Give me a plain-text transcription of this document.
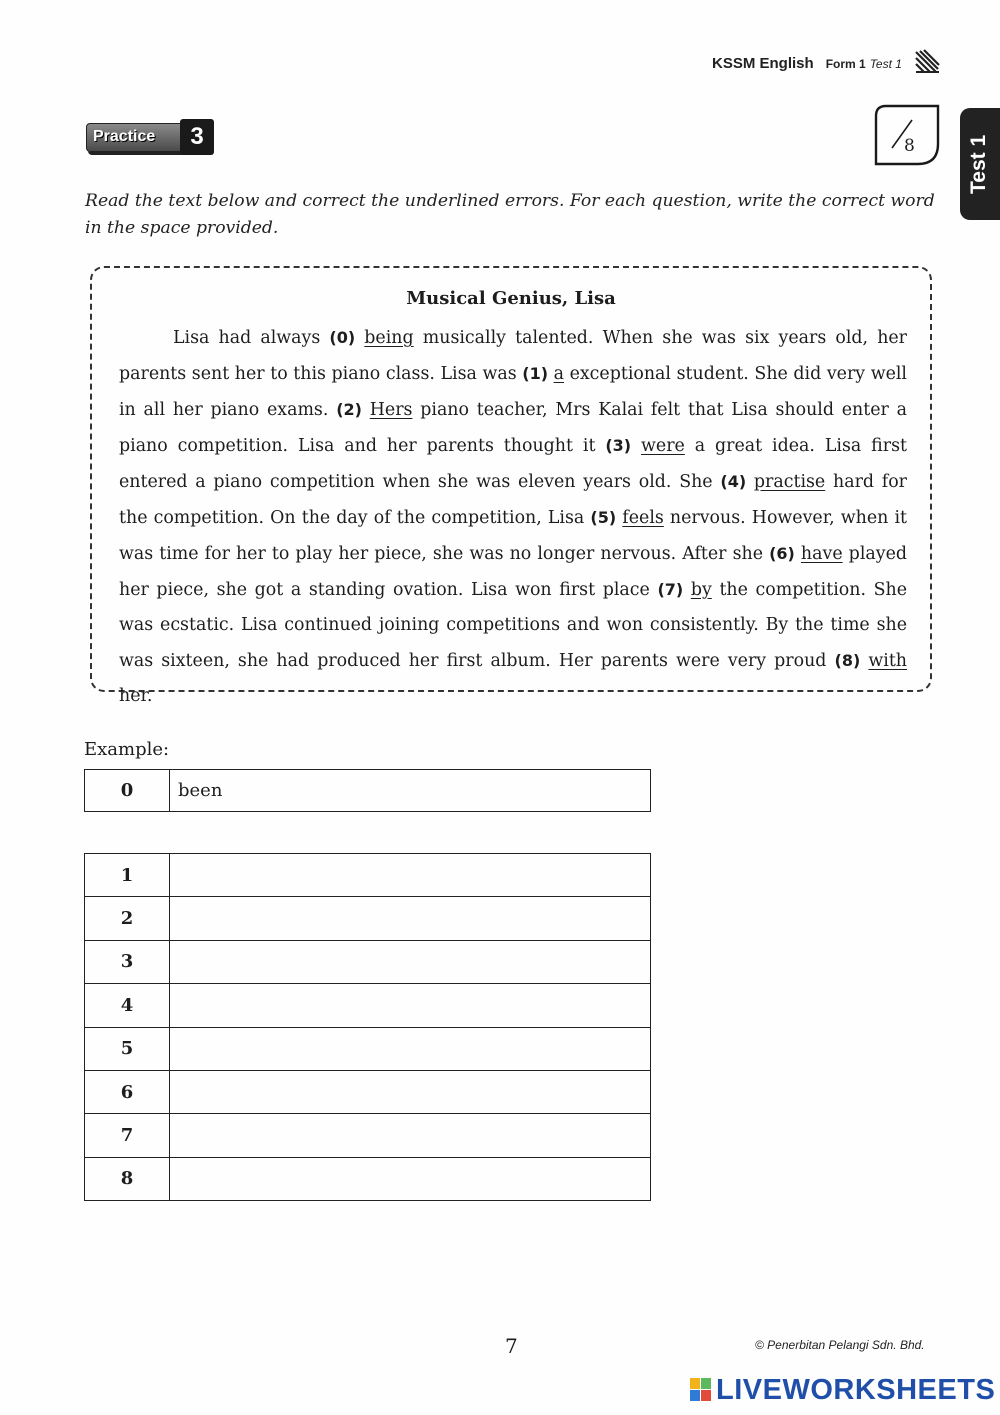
KSSM English Form 1 Test 1
Practice	3	8 Test 1
Read the text below and correct the underlined errors. For each question, write the correct word in the space provided.
Musical Genius, Lisa
Lisa had always (0) being musically talented. When she was six years old, her parents sent her to this piano class. Lisa was (1) a exceptional student. She did very well in all her piano exams. (2) Hers piano teacher, Mrs Kalai felt that Lisa should enter a piano competition. Lisa and her parents thought it (3) were a great idea. Lisa first entered a piano competition when she was eleven years old. She (4) practise hard for the competition. On the day of the competition, Lisa (5) feels nervous. However, when it was time for her to play her piece, she was no longer nervous. After she (6) have played her piece, she got a standing ovation. Lisa won first place (7) by the competition. She was ecstatic. Lisa continued joining competitions and won consistently. By the time she was sixteen, she had produced her first album. Her parents were very proud (8) with her.
Example:
0	been
1	
2	
3	
4	
5	
6	
7	
8	
7	© Penerbitan Pelangi Sdn. Bhd.
LIVEWORKSHEETS
